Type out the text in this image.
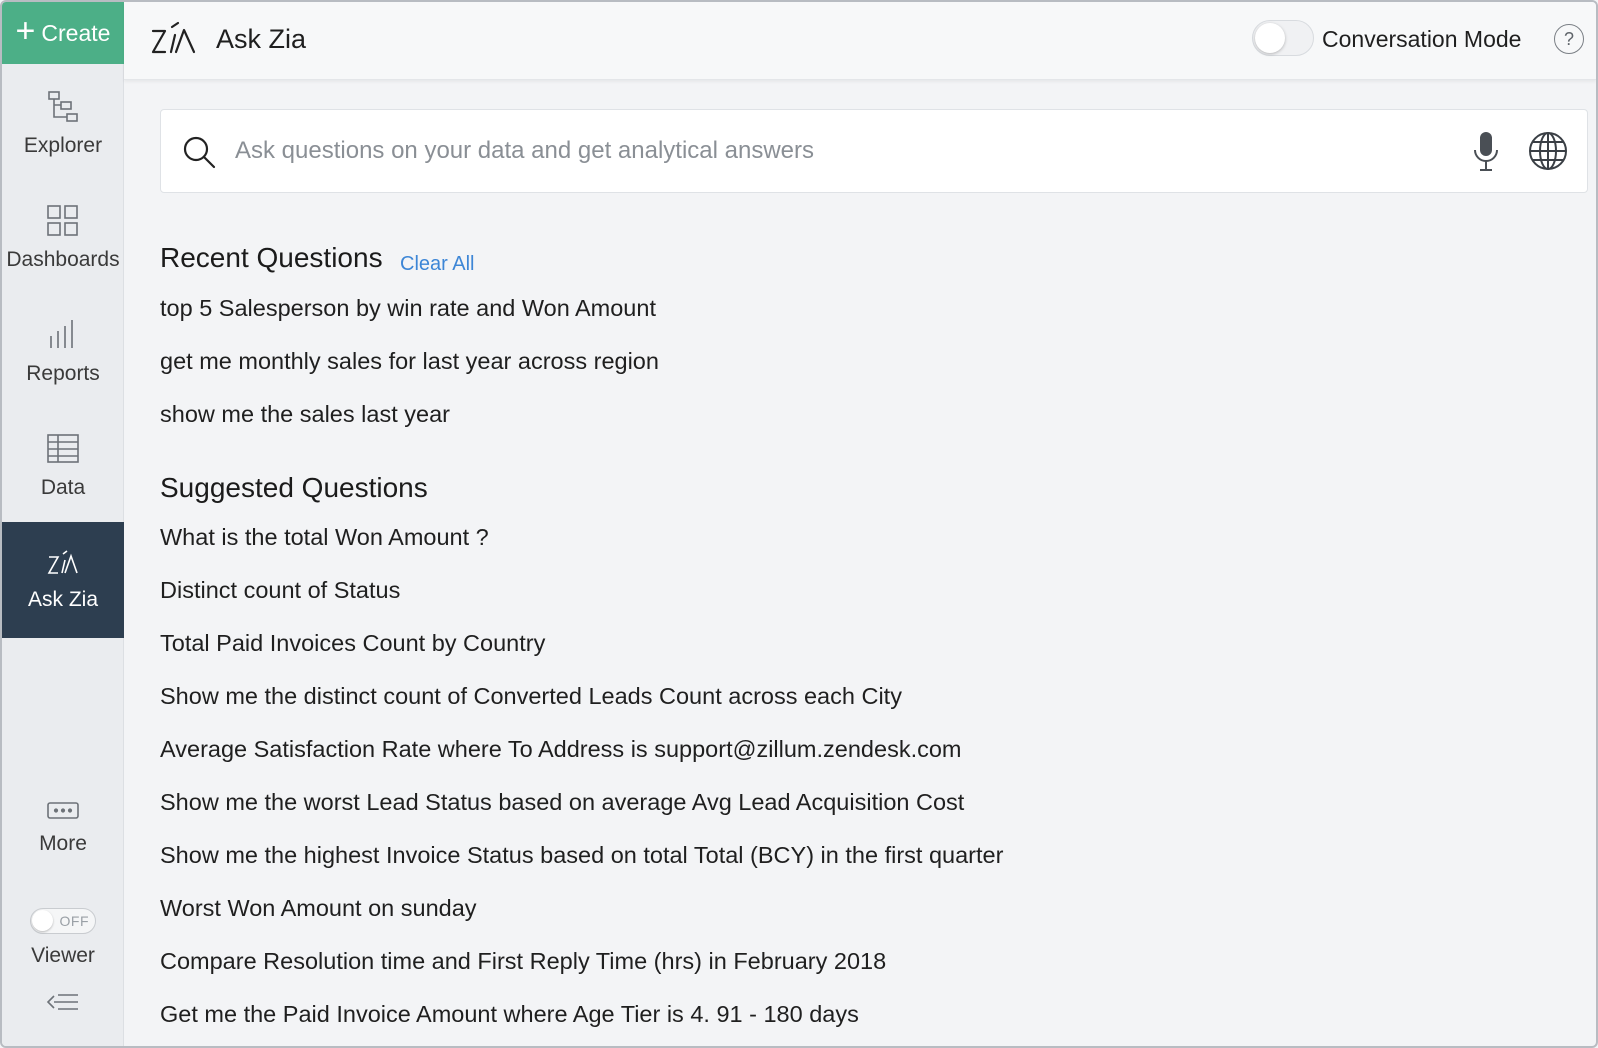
+ Create
Explorer
Dashboards
Reports
Data
Ask Zia
More
OFF
Viewer
Ask Zia	Conversation Mode ?
Ask questions on your data and get analytical answers
Recent Questions Clear All
top 5 Salesperson by win rate and Won Amount
get me monthly sales for last year across region
show me the sales last year
Suggested Questions
What is the total Won Amount ?
Distinct count of Status
Total Paid Invoices Count by Country
Show me the distinct count of Converted Leads Count across each City
Average Satisfaction Rate where To Address is support@zillum.zendesk.com
Show me the worst Lead Status based on average Avg Lead Acquisition Cost
Show me the highest Invoice Status based on total Total (BCY) in the first quarter
Worst Won Amount on sunday
Compare Resolution time and First Reply Time (hrs) in February 2018
Get me the Paid Invoice Amount where Age Tier is 4. 91 - 180 days
